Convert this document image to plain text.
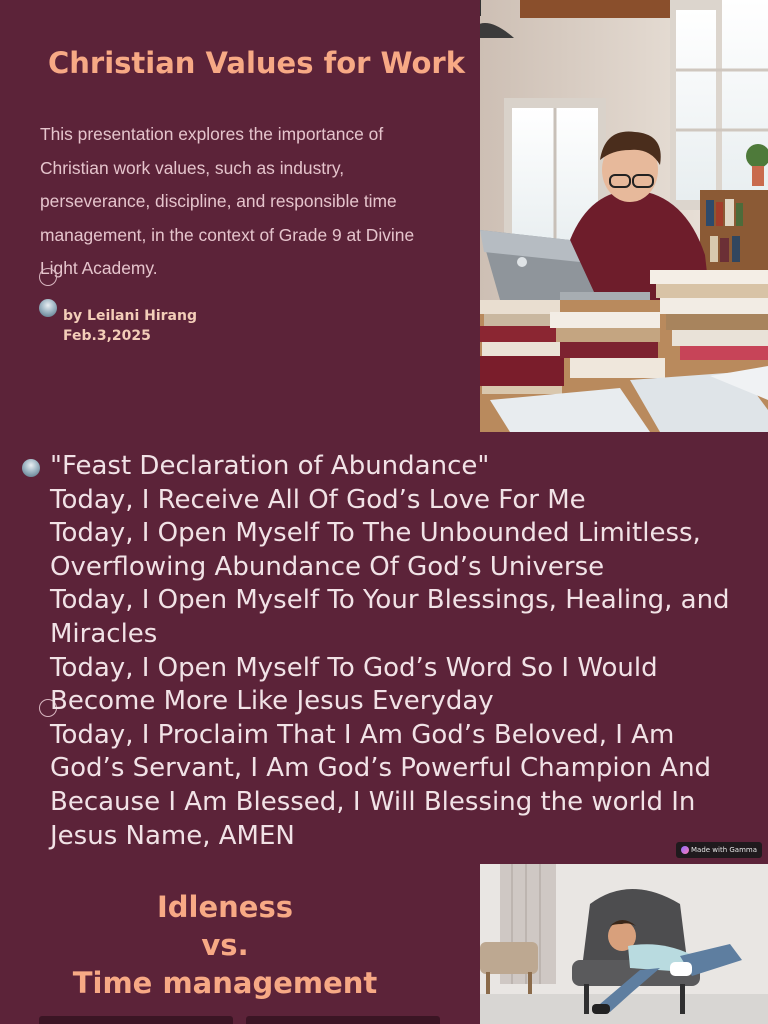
Christian Values for Work

This presentation explores the importance of Christian work values, such as industry, perseverance, discipline, and responsible time management, in the context of Grade 9 at Divine Light Academy.

by Leilani Hirang
Feb.3,2025
"Feast Declaration of Abundance"
Today, I Receive All Of God’s Love For Me
Today, I Open Myself To The Unbounded Limitless, Overflowing Abundance Of God’s Universe
Today, I Open Myself To Your Blessings, Healing, and Miracles
Today, I Open Myself To God’s Word So I Would Become More Like Jesus Everyday
Today, I Proclaim That I Am God’s Beloved, I Am God’s Servant, I Am God’s Powerful Champion And Because I Am Blessed, I Will Blessing the world In Jesus Name, AMEN	Made with Gamma
Idleness
vs.
Time management
